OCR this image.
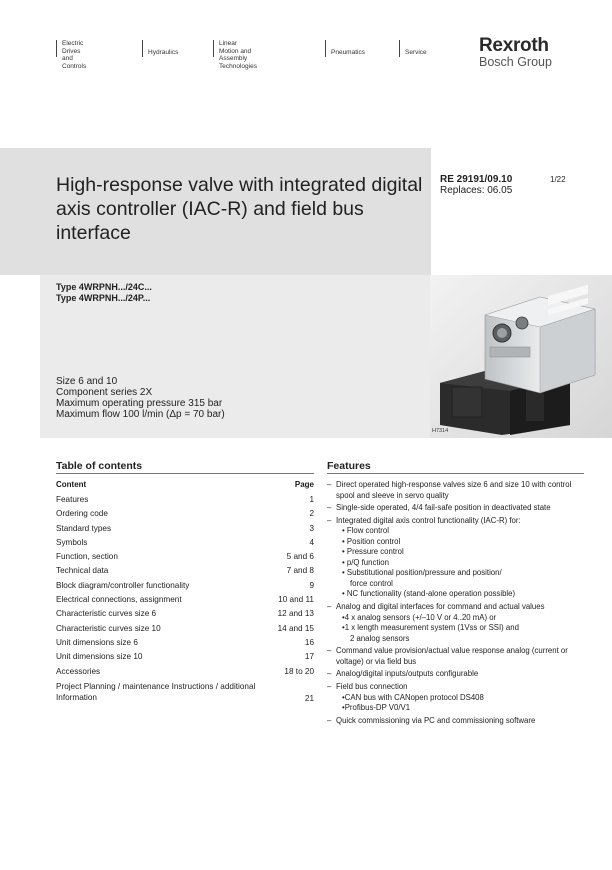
Electric Drives
and Controls
Hydraulics
Linear Motion and
Assembly Technologies
Pneumatics	Service	Rexroth
Bosch Group
High-response valve with integrated digital axis controller (IAC-R) and field bus interface
RE 29191/09.10
Replaces: 06.05
1/22
Type 4WRPNH.../24C...
Type 4WRPNH.../24P...
Size 6 and 10
Component series 2X
Maximum operating pressure 315 bar
Maximum flow 100 l/min (Δp = 70 bar)
H7314
Table of contents
Content	Page
Features	1
Ordering code	2
Standard types	3
Symbols	4
Function, section	5 and 6
Technical data	7 and 8
Block diagram/controller functionality	9
Electrical connections, assignment	10 and 11
Characteristic curves size 6	12 and 13
Characteristic curves size 10	14 and 15
Unit dimensions size 6	16
Unit dimensions size 10	17
Accessories	18 to 20
Project Planning / maintenance Instructions / additional Information	21
Features
– Direct operated high-response valves size 6 and size 10 with control spool and sleeve in servo quality
– Single-side operated, 4/4 fail-safe position in deactivated state
– Integrated digital axis control functionality (IAC-R) for:
• Flow control
• Position control
• Pressure control
• p/Q function
• Substitutional position/pressure and position/
force control
• NC functionality (stand-alone operation possible)
– Analog and digital interfaces for command and actual values
•4 x analog sensors (+/–10 V or 4..20 mA) or
•1 x length measurement system (1Vss or SSI) and
2 analog sensors
– Command value provision/actual value response analog (current or voltage) or via field bus
– Analog/digital inputs/outputs configurable
– Field bus connection
•CAN bus with CANopen protocol DS408
•Profibus-DP V0/V1
– Quick commissioning via PC and commissioning software
